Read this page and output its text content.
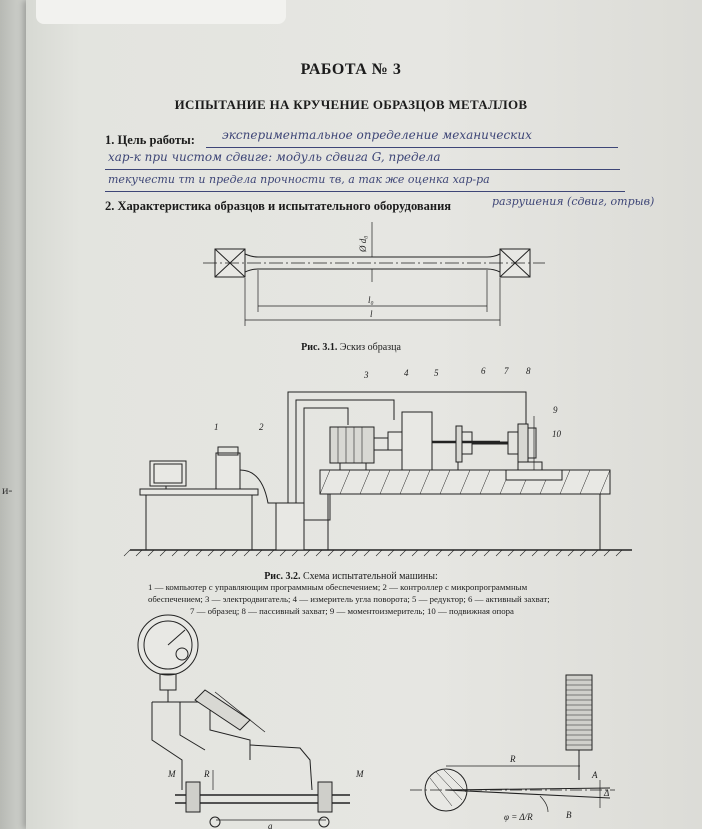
и-
РАБОТА № 3
ИСПЫТАНИЕ НА КРУЧЕНИЕ ОБРАЗЦОВ МЕТАЛЛОВ
1. Цель работы: экспериментальное определение механических
хар-к при чистом сдвиге: модуль сдвига G, предела
текучести τт и предела прочности τв, а так же оценка хар-ра
2. Характеристика образцов и испытательного оборудования	разрушения (сдвиг, отрыв)
Ø d₀
l₀
l
1	2
3	4	5	6 7 8
9
10
M	M
R
a
R
A
B
Δ
φ = Δ/R
Рис. 3.1. Эскиз образца
Рис. 3.2. Схема испытательной машины:
1 — компьютер с управляющим программным обеспечением; 2 — контроллер с микропрограммным
обеспечением; 3 — электродвигатель; 4 — измеритель угла поворота; 5 — редуктор; 6 — активный захват;
7 — образец; 8 — пассивный захват; 9 — моментоизмеритель; 10 — подвижная опора
